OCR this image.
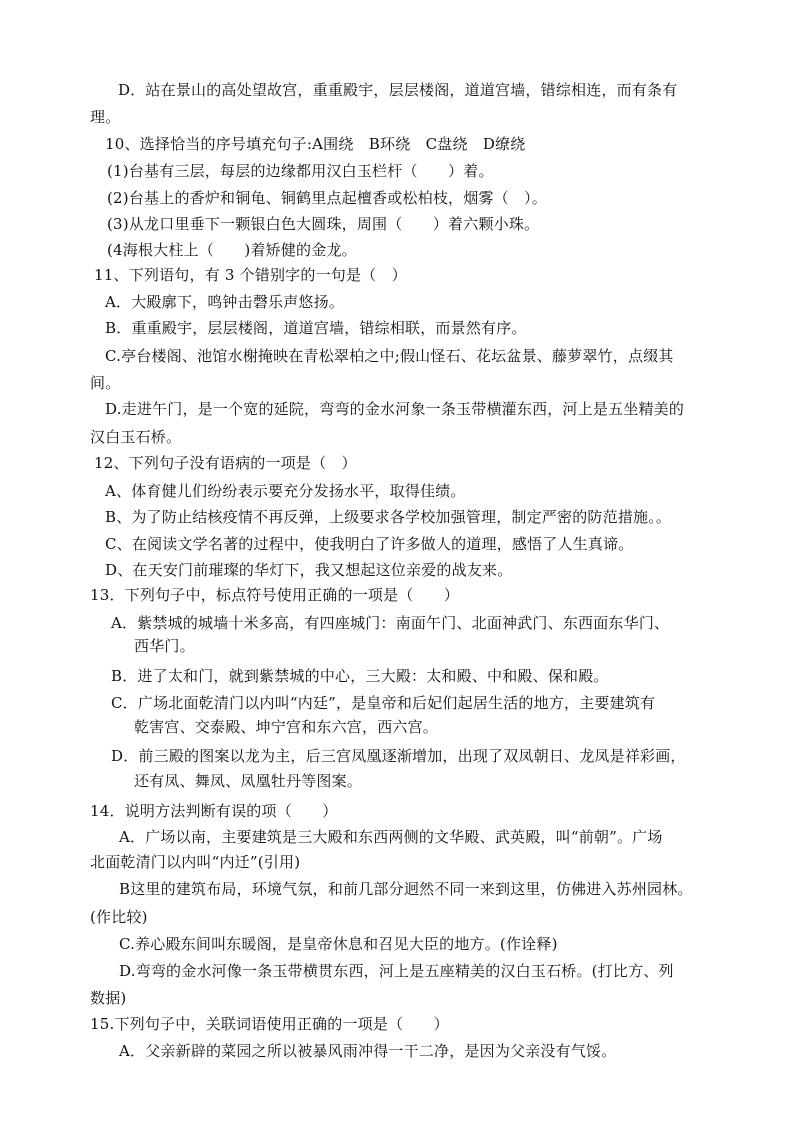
D．站在景山的高处望故宫，重重殿宇，层层楼阁，道道宫墙，错综相连，而有条有
理。
10、选择恰当的序号填充句子:A围绕　B环绕　C盘绕　D缭绕
(1)台基有三层，每层的边缘都用汉白玉栏杆（　　）着。
(2)台基上的香炉和铜龟、铜鹤里点起檀香或松柏枝，烟雾（　）。
(3)从龙口里垂下一颗银白色大圆珠，周围（　　）着六颗小珠。
(4海根大柱上（　　)着矫健的金龙。
11、下列语句，有 3 个错别字的一句是（　）
A．大殿廓下，鸣钟击磬乐声悠扬。
B．重重殿宇，层层楼阁，道道宫墙，错综相联，而景然有序。
C.亭台楼阁、池馆水榭掩映在青松翠柏之中;假山怪石、花坛盆景、藤萝翠竹，点缀其
间。
D.走进午门，是一个宽的延院，弯弯的金水河象一条玉带横灌东西，河上是五坐精美的
汉白玉石桥。
12、下列句子没有语病的一项是（　）
A、体育健儿们纷纷表示要充分发扬水平，取得佳绩。
B、为了防止结核疫情不再反弹，上级要求各学校加强管理，制定严密的防范措施。。
C、在阅读文学名著的过程中，使我明白了许多做人的道理，感悟了人生真谛。
D、在天安门前璀璨的华灯下，我又想起这位亲爱的战友来。
13．下列句子中，标点符号使用正确的一项是（　　）
A．紫禁城的城墙十米多高，有四座城门：南面午门、北面神武门、东西面东华门、
西华门。
B．进了太和门，就到紫禁城的中心，三大殿：太和殿、中和殿、保和殿。
C．广场北面乾清门以内叫“内廷”，是皇帝和后妃们起居生活的地方，主要建筑有
乾害宫、交泰殿、坤宁宫和东六宫，西六宫。
D．前三殿的图案以龙为主，后三宫凤凰逐渐增加，出现了双凤朝日、龙凤是祥彩画，
还有凤、舞凤、凤凰牡丹等图案。
14．说明方法判断有误的项（　　）
A．广场以南，主要建筑是三大殿和东西两侧的文华殿、武英殿，叫“前朝”。广场
北面乾清门以内叫“内迁”(引用)
B这里的建筑布局，环境气氛，和前几部分迥然不同一来到这里，仿佛进入苏州园林。
(作比较)
C.养心殿东间叫东暖阁，是皇帝休息和召见大臣的地方。(作诠释)
D.弯弯的金水河像一条玉带横贯东西，河上是五座精美的汉白玉石桥。(打比方、列
数据)
15.下列句子中，关联词语使用正确的一项是（　　）
A．父亲新辟的菜园之所以被暴风雨冲得一干二净，是因为父亲没有气馁。
